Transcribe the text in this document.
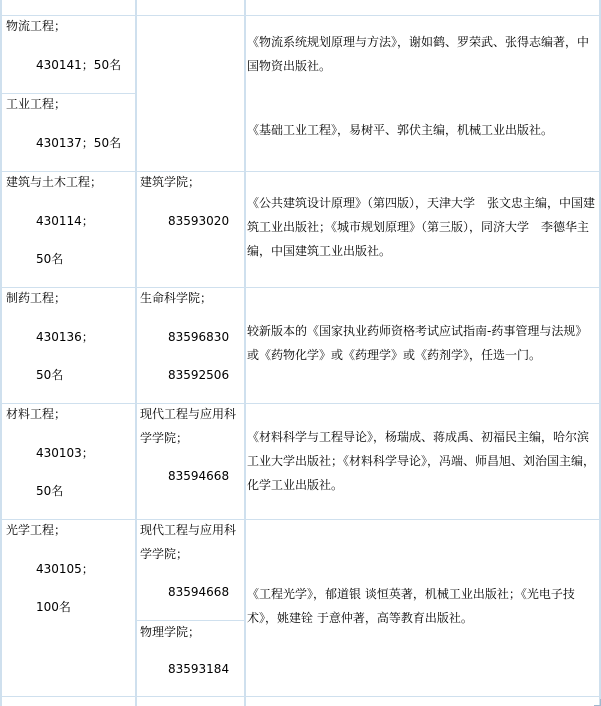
物流工程；
430141；50名
《物流系统规划原理与方法》，谢如鹤、罗荣武、张得志编著，中国物资出版社。
工业工程；
430137；50名
《基础工业工程》，易树平、郭伏主编，机械工业出版社。
建筑与土木工程；
430114；
50名
建筑学院；
83593020
《公共建筑设计原理》（第四版），天津大学　张文忠主编，中国建筑工业出版社；《城市规划原理》（第三版），同济大学　李德华主编，中国建筑工业出版社。
制药工程；
430136；
50名
生命科学院；
83596830
83592506
较新版本的《国家执业药师资格考试应试指南-药事管理与法规》或《药物化学》或《药理学》或《药剂学》，任选一门。
材料工程；
430103；
50名
现代工程与应用科学学院；
83594668
《材料科学与工程导论》，杨瑞成、蒋成禹、初福民主编，哈尔滨工业大学出版社；《材料科学导论》，冯端、师昌旭、刘治国主编，化学工业出版社。
光学工程；
430105；
100名
现代工程与应用科学学院；
83594668
物理学院；
83593184
《工程光学》，郁道银 谈恒英著，机械工业出版社；《光电子技术》，姚建铨 于意仲著，高等教育出版社。
